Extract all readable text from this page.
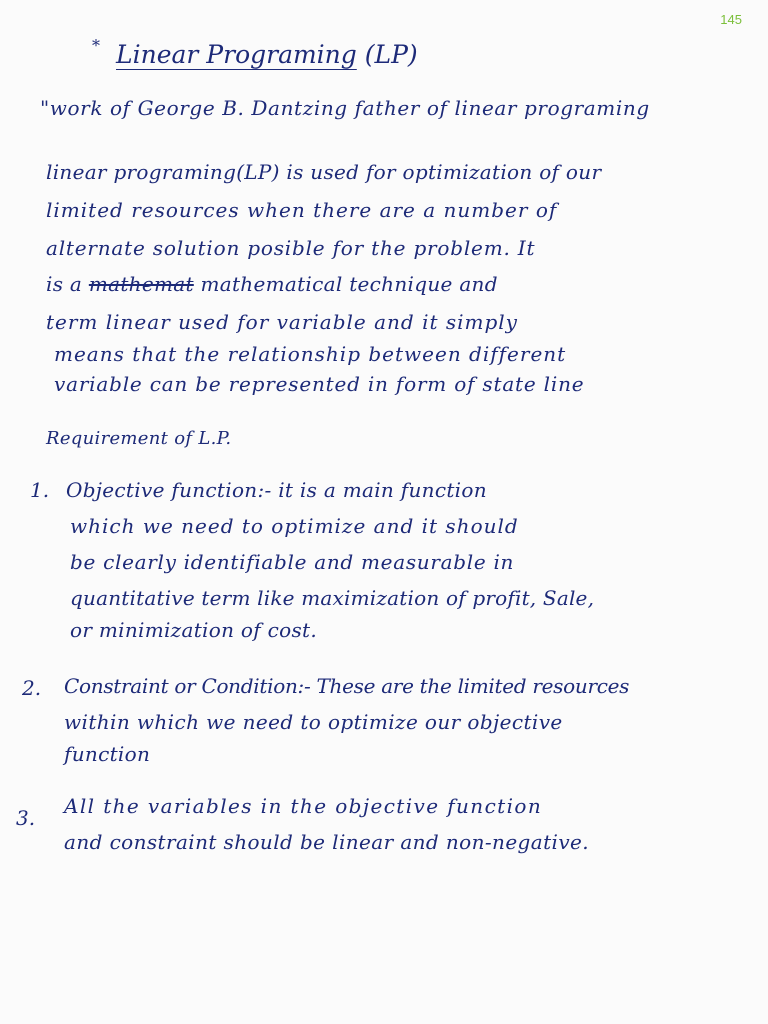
145
* Linear Programing (LP)
"work of George B. Dantzing father of linear programing
linear programing(LP) is used for optimization of our
limited resources when there are a number of
alternate solution posible for the problem. It
is a mathemat mathematical technique and
term linear used for variable and it simply
means that the relationship between different
variable can be represented in form of state line
Requirement of L.P.
1. Objective function:- it is a main function
which we need to optimize and it should
be clearly identifiable and measurable in
quantitative term like maximization of profit, Sale,
or minimization of cost.
2. Constraint or Condition:- These are the limited resources
within which we need to optimize our objective
function
3. All the variables in the objective function
and constraint should be linear and non-negative.
